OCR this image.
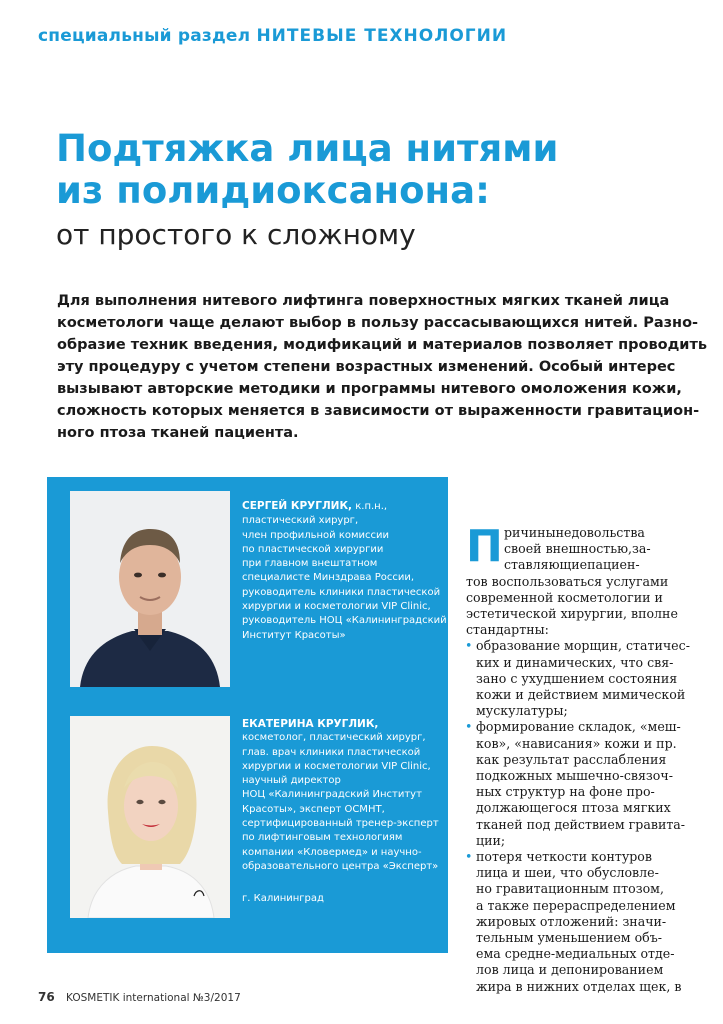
специальный раздел НИТЕВЫЕ ТЕХНОЛОГИИ
Подтяжка лица нитями
из полидиоксанона:
от простого к сложному
Для выполнения нитевого лифтинга поверхностных мягких тканей лица
косметологи чаще делают выбор в пользу рассасывающихся нитей. Разно-
образие техник введения, модификаций и материалов позволяет проводить
эту процедуру с учетом степени возрастных изменений. Особый интерес
вызывают авторские методики и программы нитевого омоложения кожи,
сложность которых меняется в зависимости от выраженности гравитацион-
ного птоза тканей пациента.
СЕРГЕЙ КРУГЛИК, к.п.н.,
пластический хирург,
член профильной комиссии
по пластической хирургии
при главном внештатном
специалисте Минздрава России,
руководитель клиники пластической
хирургии и косметологии VIP Clinic,
руководитель НОЦ «Калининградский
Институт Красоты»
ЕКАТЕРИНА КРУГЛИК,
косметолог, пластический хирург,
глав. врач клиники пластической
хирургии и косметологии VIP Clinic,
научный директор
НОЦ «Калининградский Институт
Красоты», эксперт ОСМНТ,
сертифицированный тренер-эксперт
по лифтинговым технологиям
компании «Кловермед» и научно-
образовательного центра «Эксперт»
г. Калининград
П ричинынедовольства
своей внешностью,за-
ставляющиепациен-
тов воспользоваться услугами
современной косметологии и
эстетической хирургии, вполне
стандартны:
• образование морщин, статичес-
ких и динамических, что свя-
зано с ухудшением состояния
кожи и действием мимической
мускулатуры;
• формирование складок, «меш-
ков», «нависания» кожи и пр.
как результат расслабления
подкожных мышечно-связоч-
ных структур на фоне про-
должающегося птоза мягких
тканей под действием гравита-
ции;
• потеря четкости контуров
лица и шеи, что обусловле-
но гравитационным птозом,
а также перераспределением
жировых отложений: значи-
тельным уменьшением объ-
ема средне-медиальных отде-
лов лица и депонированием
жира в нижних отделах щек, в
76 KOSMETIK international №3/2017
